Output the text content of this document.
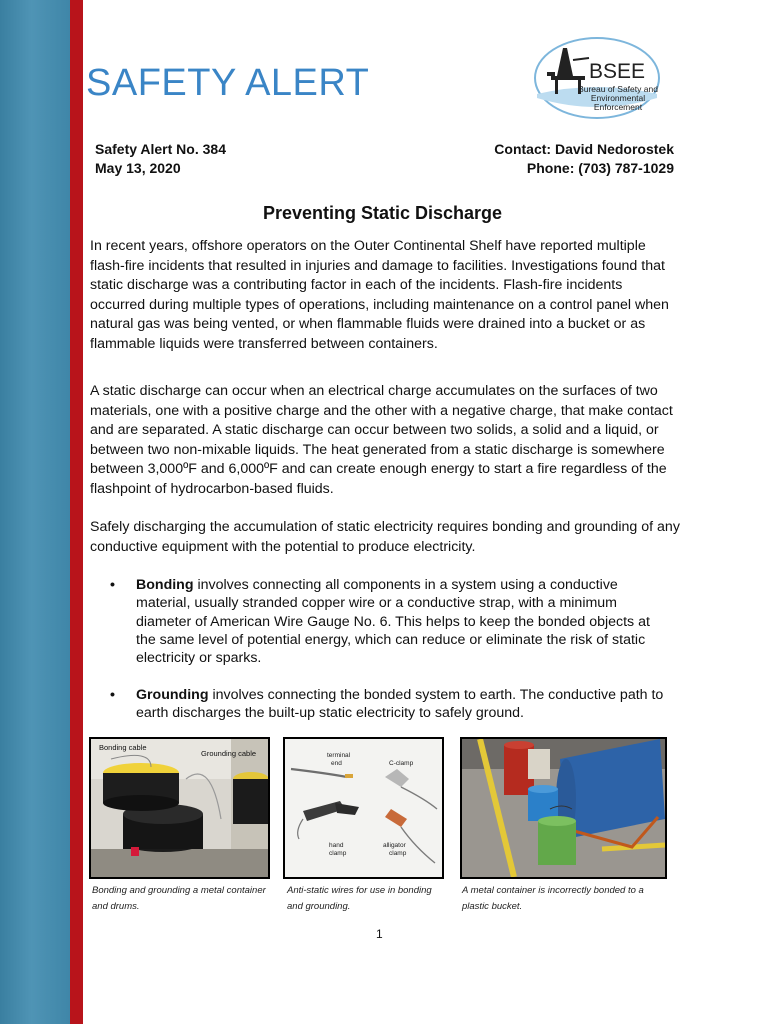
SAFETY ALERT	BSEE
Bureau of Safety and
Environmental
Enforcement
Safety Alert No. 384
May 13, 2020
Contact: David Nedorostek
Phone: (703) 787-1029
Preventing Static Discharge

In recent years, offshore operators on the Outer Continental Shelf have reported multiple flash-fire incidents that resulted in injuries and damage to facilities. Investigations found that static discharge was a contributing factor in each of the incidents. Flash-fire incidents occurred during multiple types of operations, including maintenance on a control panel when natural gas was being vented, or when flammable fluids were drained into a bucket or as flammable liquids were transferred between containers.

A static discharge can occur when an electrical charge accumulates on the surfaces of two materials, one with a positive charge and the other with a negative charge, that make contact and are separated. A static discharge can occur between two solids, a solid and a liquid, or between two non-mixable liquids. The heat generated from a static discharge is somewhere between 3,000ºF and 6,000ºF and can create enough energy to start a fire regardless of the flashpoint of hydrocarbon-based fluids.

Safely discharging the accumulation of static electricity requires bonding and grounding of any conductive equipment with the potential to produce electricity.

• Bonding involves connecting all components in a system using a conductive material, usually stranded copper wire or a conductive strap, with a minimum diameter of American Wire Gauge No. 6. This helps to keep the bonded objects at the same level of potential energy, which can reduce or eliminate the risk of static electricity or sparks.
• Grounding involves connecting the bonded system to earth. The conductive path to earth discharges the built-up static electricity to safely ground.
Bonding cable
Grounding cable	terminal
end	C-clamp
hand
clamp
alligator
clamp
Bonding and grounding a metal container and drums.
Anti-static wires for use in bonding and grounding.
A metal container is incorrectly bonded to a plastic bucket.
1
